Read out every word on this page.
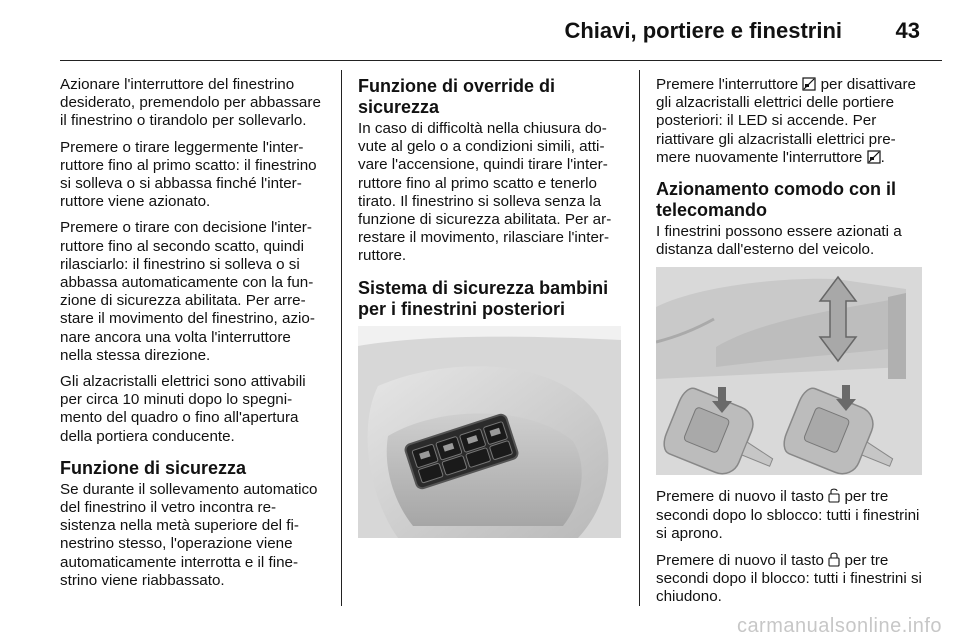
Chiavi, portiere e finestrini 43

Azionare l'interruttore del finestrino desiderato, premendolo per abbassare il finestrino o tirandolo per sollevarlo.

Premere o tirare leggermente l'interruttore fino al primo scatto: il finestrino si solleva o si abbassa finché l'interruttore viene azionato.

Premere o tirare con decisione l'interruttore fino al secondo scatto, quindi rilasciarlo: il finestrino si solleva o si abbassa automaticamente con la funzione di sicurezza abilitata. Per arrestare il movimento del finestrino, azionare ancora una volta l'interruttore nella stessa direzione.

Gli alzacristalli elettrici sono attivabili per circa 10 minuti dopo lo spegnimento del quadro o fino all'apertura della portiera conducente.

Funzione di sicurezza

Se durante il sollevamento automatico del finestrino il vetro incontra resistenza nella metà superiore del finestrino stesso, l'operazione viene automaticamente interrotta e il finestrino viene riabbassato.

Funzione di override di sicurezza

In caso di difficoltà nella chiusura dovute al gelo o a condizioni simili, attivare l'accensione, quindi tirare l'interruttore fino al primo scatto e tenerlo tirato. Il finestrino si solleva senza la funzione di sicurezza abilitata. Per arrestare il movimento, rilasciare l'interruttore.

Sistema di sicurezza bambini per i finestrini posteriori

Premere l'interruttore  per disattivare gli alzacristalli elettrici delle portiere posteriori: il LED si accende. Per riattivare gli alzacristalli elettrici premere nuovamente l'interruttore .

Azionamento comodo con il telecomando

I finestrini possono essere azionati a distanza dall'esterno del veicolo.

Premere di nuovo il tasto  per tre secondi dopo lo sblocco: tutti i finestrini si aprono.

Premere di nuovo il tasto  per tre secondi dopo il blocco: tutti i finestrini si chiudono.

carmanualsonline.info
